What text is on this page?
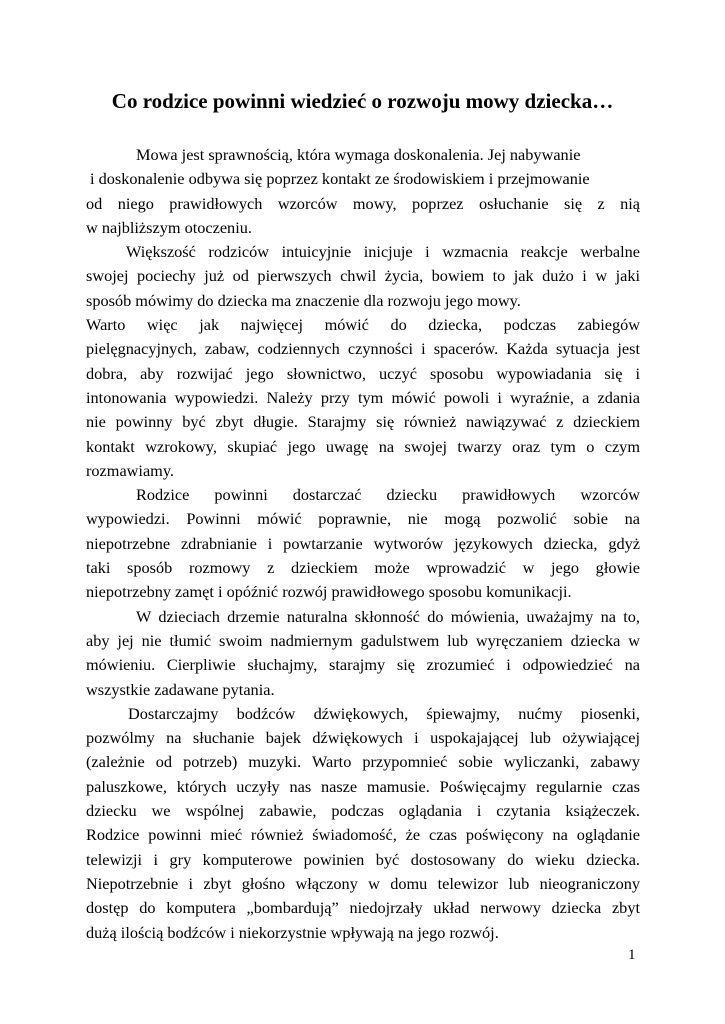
Co rodzice powinni wiedzieć o rozwoju mowy dziecka…
Mowa jest sprawnością, która wymaga doskonalenia. Jej nabywanie
i doskonalenie odbywa się poprzez kontakt ze środowiskiem i przejmowanie
od niego prawidłowych wzorców mowy, poprzez osłuchanie się z nią
w najbliższym otoczeniu.
Większość rodziców intuicyjnie inicjuje i wzmacnia reakcje werbalne
swojej pociechy już od pierwszych chwil życia, bowiem to jak dużo i w jaki
sposób mówimy do dziecka ma znaczenie dla rozwoju jego mowy.
Warto więc jak najwięcej mówić do dziecka, podczas zabiegów
pielęgnacyjnych, zabaw, codziennych czynności i spacerów. Każda sytuacja jest
dobra, aby rozwijać jego słownictwo, uczyć sposobu wypowiadania się i
intonowania wypowiedzi. Należy przy tym mówić powoli i wyraźnie, a zdania
nie powinny być zbyt długie. Starajmy się również nawiązywać z dzieckiem
kontakt wzrokowy, skupiać jego uwagę na swojej twarzy oraz tym o czym
rozmawiamy.
Rodzice powinni dostarczać dziecku prawidłowych wzorców
wypowiedzi. Powinni mówić poprawnie, nie mogą pozwolić sobie na
niepotrzebne zdrabnianie i powtarzanie wytworów językowych dziecka, gdyż
taki sposób rozmowy z dzieckiem może wprowadzić w jego głowie
niepotrzebny zamęt i opóźnić rozwój prawidłowego sposobu komunikacji.
W dzieciach drzemie naturalna skłonność do mówienia, uważajmy na to,
aby jej nie tłumić swoim nadmiernym gadulstwem lub wyręczaniem dziecka w
mówieniu. Cierpliwie słuchajmy, starajmy się zrozumieć i odpowiedzieć na
wszystkie zadawane pytania.
Dostarczajmy bodźców dźwiękowych, śpiewajmy, nućmy piosenki,
pozwólmy na słuchanie bajek dźwiękowych i uspokajającej lub ożywiającej
(zależnie od potrzeb) muzyki. Warto przypomnieć sobie wyliczanki, zabawy
paluszkowe, których uczyły nas nasze mamusie. Poświęcajmy regularnie czas
dziecku we wspólnej zabawie, podczas oglądania i czytania książeczek.
Rodzice powinni mieć również świadomość, że czas poświęcony na oglądanie
telewizji i gry komputerowe powinien być dostosowany do wieku dziecka.
Niepotrzebnie i zbyt głośno włączony w domu telewizor lub nieograniczony
dostęp do komputera „bombardują” niedojrzały układ nerwowy dziecka zbyt
dużą ilością bodźców i niekorzystnie wpływają na jego rozwój.
1
